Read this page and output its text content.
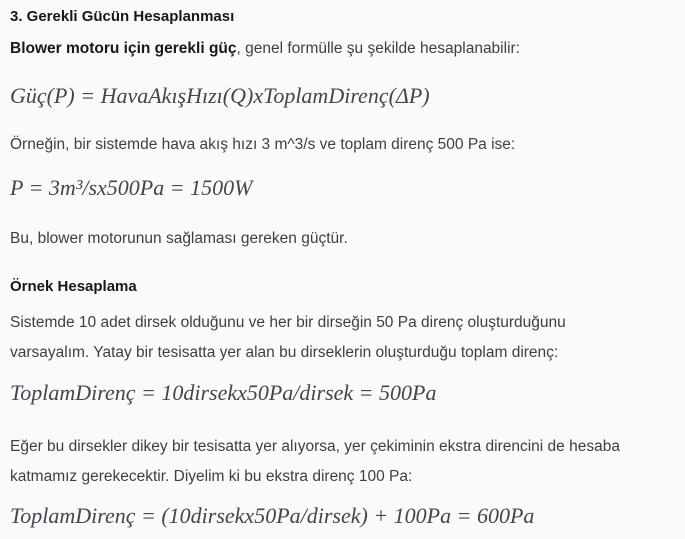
3. Gerekli Gücün Hesaplanması

Blower motoru için gerekli güç, genel formülle şu şekilde hesaplanabilir:

Güç(P) = HavaAkışHızı(Q)xToplamDirenç(ΔP)

Örneğin, bir sistemde hava akış hızı 3 m^3/s ve toplam direnç 500 Pa ise:

P = 3m³/sx500Pa = 1500W

Bu, blower motorunun sağlaması gereken güçtür.

Örnek Hesaplama

Sistemde 10 adet dirsek olduğunu ve her bir dirseğin 50 Pa direnç oluşturduğunu
varsayalım. Yatay bir tesisatta yer alan bu dirseklerin oluşturduğu toplam direnç:

ToplamDirenç = 10dirsekx50Pa/dirsek = 500Pa

Eğer bu dirsekler dikey bir tesisatta yer alıyorsa, yer çekiminin ekstra direncini de hesaba
katmamız gerekecektir. Diyelim ki bu ekstra direnç 100 Pa:

ToplamDirenç = (10dirsekx50Pa/dirsek) + 100Pa = 600Pa
